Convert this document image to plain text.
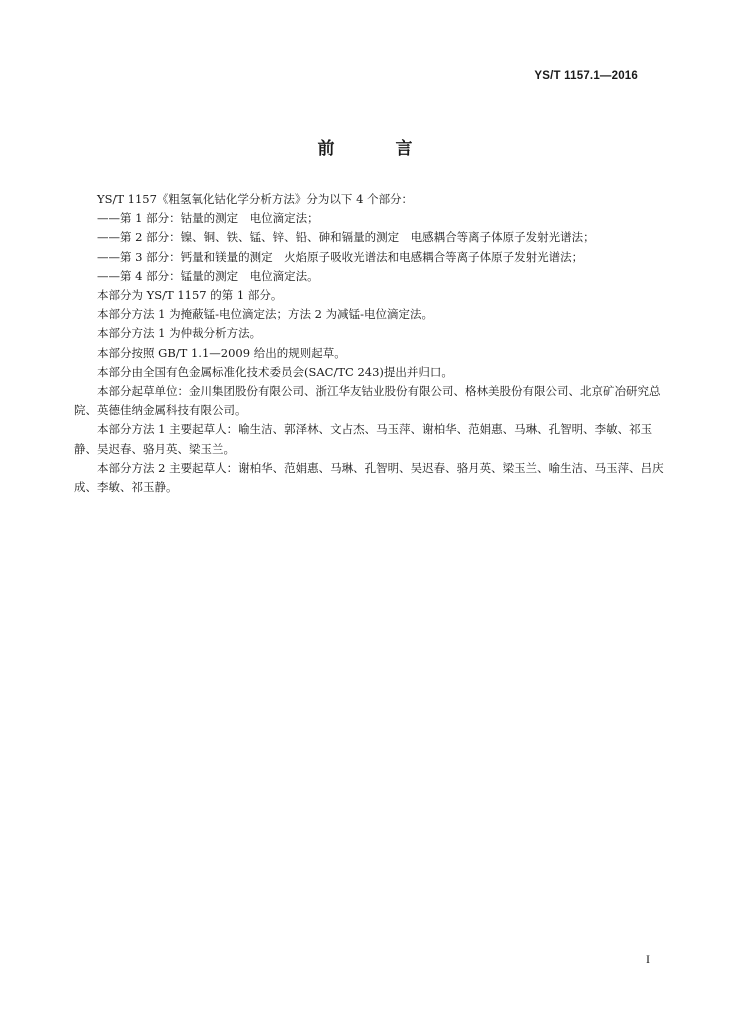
YS/T 1157.1—2016
前　言

YS/T 1157《粗氢氧化钴化学分析方法》分为以下 4 个部分：

——第 1 部分：钴量的测定　电位滴定法；

——第 2 部分：镍、铜、铁、锰、锌、铅、砷和镉量的测定　电感耦合等离子体原子发射光谱法；

——第 3 部分：钙量和镁量的测定　火焰原子吸收光谱法和电感耦合等离子体原子发射光谱法；

——第 4 部分：锰量的测定　电位滴定法。

本部分为 YS/T 1157 的第 1 部分。

本部分方法 1 为掩蔽锰-电位滴定法；方法 2 为减锰-电位滴定法。

本部分方法 1 为仲裁分析方法。

本部分按照 GB/T 1.1—2009 给出的规则起草。

本部分由全国有色金属标准化技术委员会(SAC/TC 243)提出并归口。

本部分起草单位：金川集团股份有限公司、浙江华友钴业股份有限公司、格林美股份有限公司、北京矿冶研究总院、英德佳纳金属科技有限公司。

本部分方法 1 主要起草人：喻生洁、郭泽林、文占杰、马玉萍、谢柏华、范娟惠、马琳、孔智明、李敏、祁玉静、吴迟春、骆月英、梁玉兰。

本部分方法 2 主要起草人：谢柏华、范娟惠、马琳、孔智明、吴迟春、骆月英、梁玉兰、喻生洁、马玉萍、吕庆成、李敏、祁玉静。

I
